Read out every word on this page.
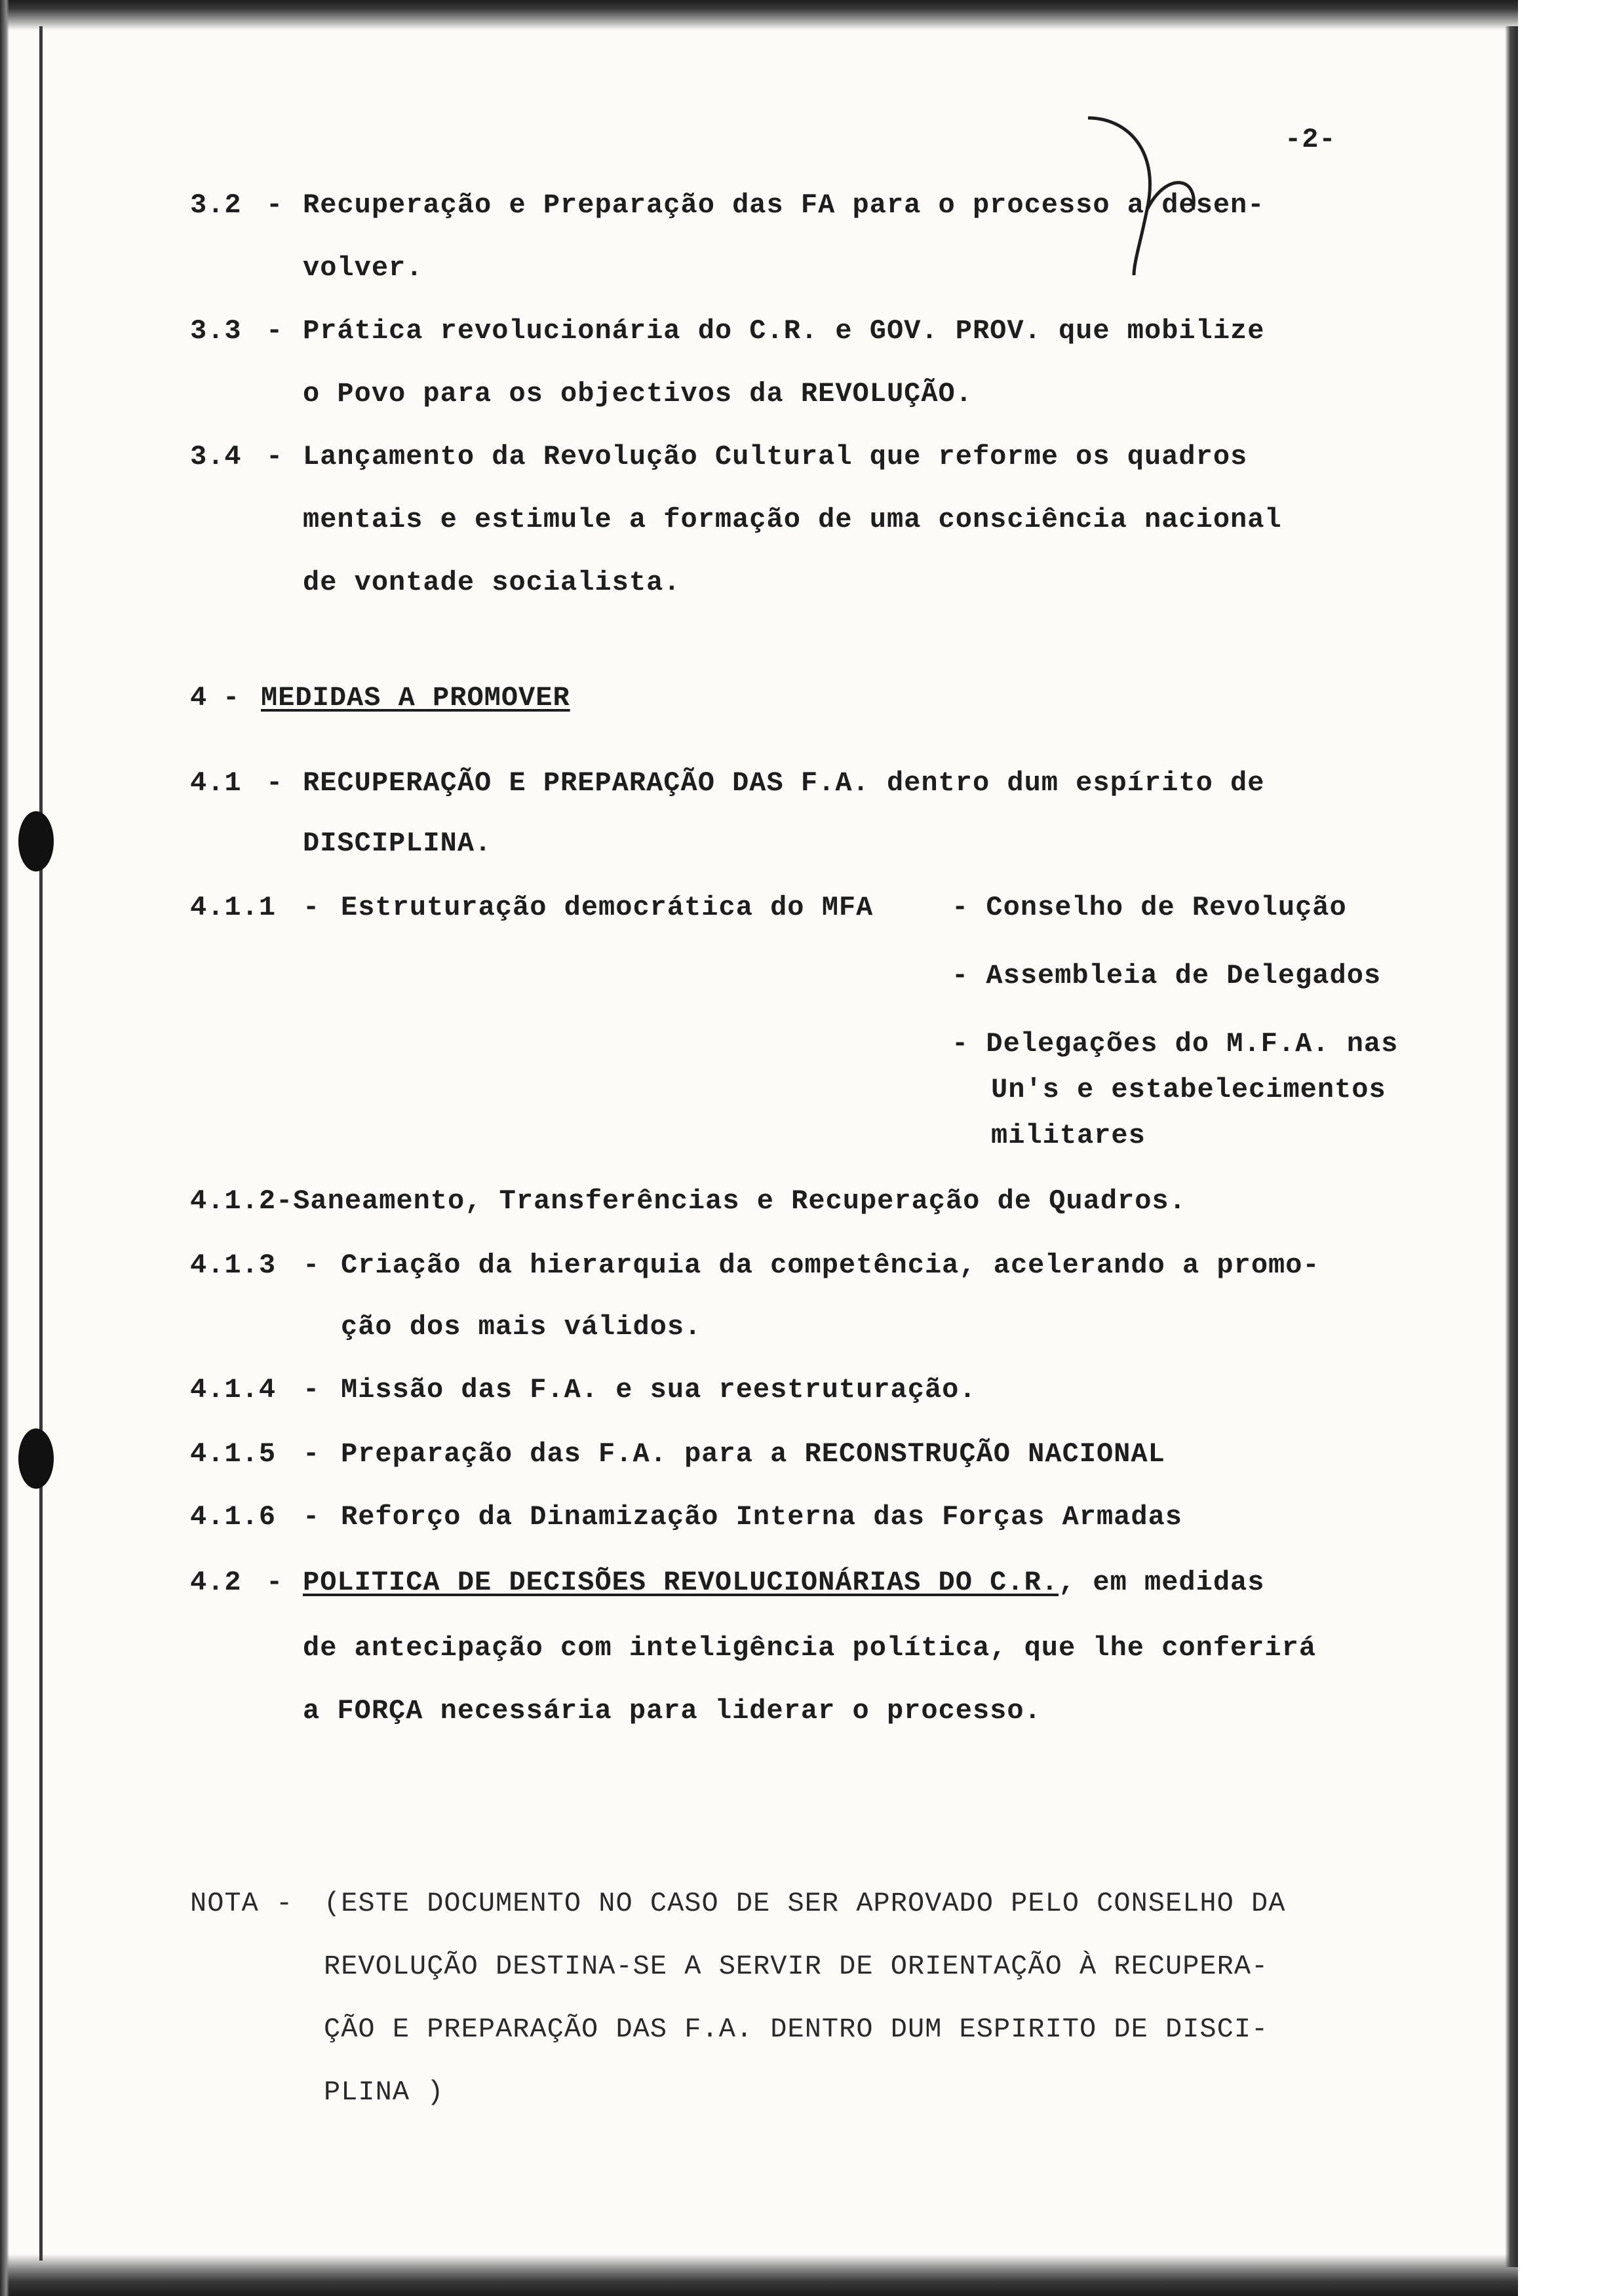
-2-
3.2 - Recuperação e Preparação das FA para o processo a desen-
volver.
3.3 - Prática revolucionária do C.R. e GOV. PROV. que mobilize
o Povo para os objectivos da REVOLUÇÃO.
3.4 - Lançamento da Revolução Cultural que reforme os quadros
mentais e estimule a formação de uma consciência nacional
de vontade socialista.
4 - MEDIDAS A PROMOVER
4.1 - RECUPERAÇÃO E PREPARAÇÃO DAS F.A. dentro dum espírito de
DISCIPLINA.
4.1.1 - Estruturação democrática do MFA	- Conselho de Revolução
- Assembleia de Delegados
- Delegações do M.F.A. nas
Un's e estabelecimentos
militares
4.1.2-Saneamento, Transferências e Recuperação de Quadros.
4.1.3 - Criação da hierarquia da competência, acelerando a promo-
ção dos mais válidos.
4.1.4 - Missão das F.A. e sua reestruturação.
4.1.5 - Preparação das F.A. para a RECONSTRUÇÃO NACIONAL
4.1.6 - Reforço da Dinamização Interna das Forças Armadas
4.2 - POLITICA DE DECISÕES REVOLUCIONÁRIAS DO C.R., em medidas
de antecipação com inteligência política, que lhe conferirá
a FORÇA necessária para liderar o processo.
NOTA - (ESTE DOCUMENTO NO CASO DE SER APROVADO PELO CONSELHO DA
REVOLUÇÃO DESTINA-SE A SERVIR DE ORIENTAÇÃO À RECUPERA-
ÇÃO E PREPARAÇÃO DAS F.A. DENTRO DUM ESPIRITO DE DISCI-
PLINA )
